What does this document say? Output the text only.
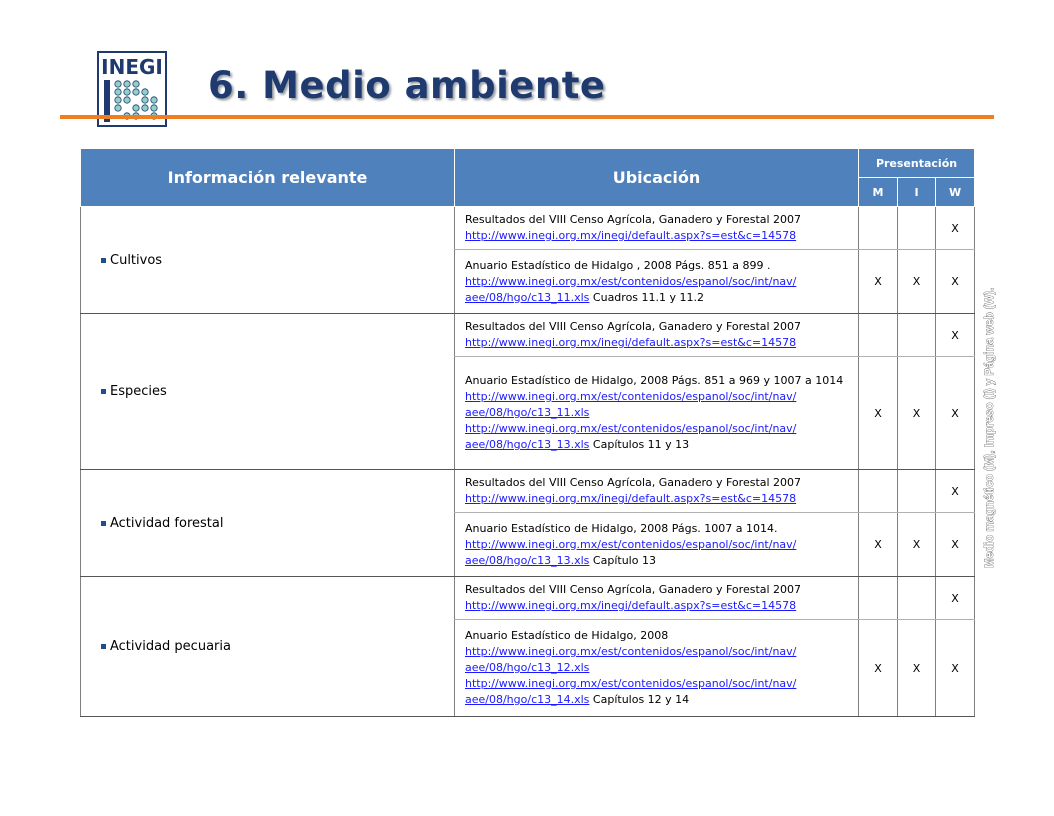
INEGI 6. Medio ambiente
Medio magnético (M), Impreso (I) y Página web (W).
Información relevante	Ubicación	Presentación		
		M	I	W
Cultivos	Resultados del VIII Censo Agrícola, Ganadero y Forestal 2007
http://www.inegi.org.mx/inegi/default.aspx?s=est&c=14578			X
	Anuario Estadístico de Hidalgo , 2008 Págs. 851 a 899 .
http://www.inegi.org.mx/est/contenidos/espanol/soc/int/nav/
aee/08/hgo/c13_11.xls Cuadros 11.1 y 11.2	X	X	X
Especies	Resultados del VIII Censo Agrícola, Ganadero y Forestal 2007
http://www.inegi.org.mx/inegi/default.aspx?s=est&c=14578			X
	Anuario Estadístico de Hidalgo, 2008 Págs. 851 a 969 y 1007 a 1014
http://www.inegi.org.mx/est/contenidos/espanol/soc/int/nav/
aee/08/hgo/c13_11.xls
http://www.inegi.org.mx/est/contenidos/espanol/soc/int/nav/
aee/08/hgo/c13_13.xls Capítulos 11 y 13	X	X	X
Actividad forestal	Resultados del VIII Censo Agrícola, Ganadero y Forestal 2007
http://www.inegi.org.mx/inegi/default.aspx?s=est&c=14578			X
	Anuario Estadístico de Hidalgo, 2008 Págs. 1007 a 1014.
http://www.inegi.org.mx/est/contenidos/espanol/soc/int/nav/
aee/08/hgo/c13_13.xls Capítulo 13	X	X	X
Actividad pecuaria	Resultados del VIII Censo Agrícola, Ganadero y Forestal 2007
http://www.inegi.org.mx/inegi/default.aspx?s=est&c=14578			X
	Anuario Estadístico de Hidalgo, 2008
http://www.inegi.org.mx/est/contenidos/espanol/soc/int/nav/
aee/08/hgo/c13_12.xls
http://www.inegi.org.mx/est/contenidos/espanol/soc/int/nav/
aee/08/hgo/c13_14.xls Capítulos 12 y 14	X	X	X
